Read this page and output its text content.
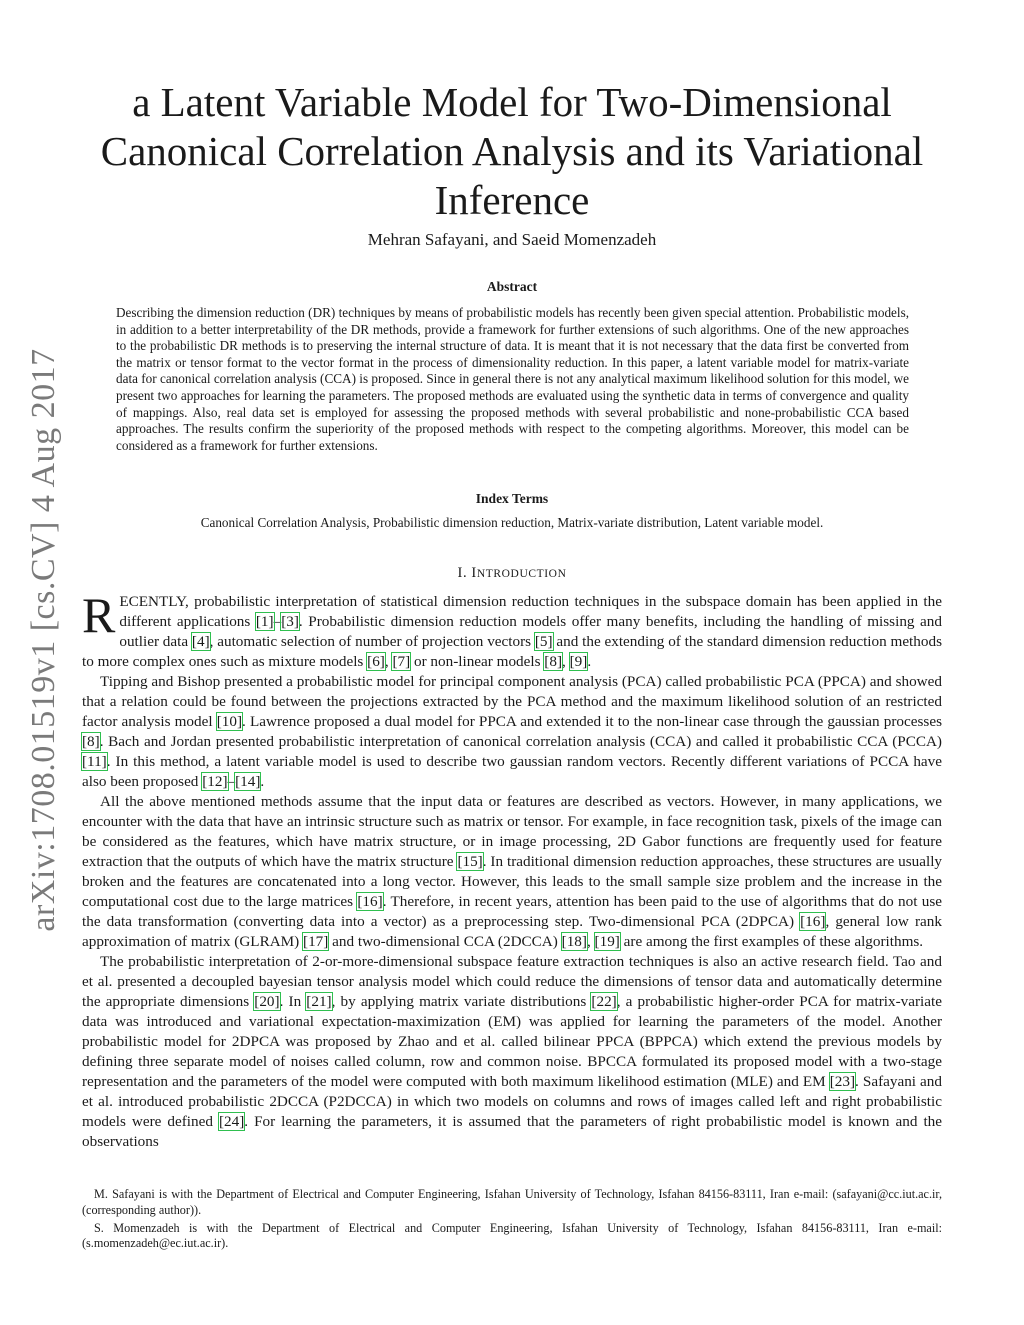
arXiv:1708.01519v1 [cs.CV] 4 Aug 2017
a Latent Variable Model for Two-Dimensional Canonical Correlation Analysis and its Variational Inference
Mehran Safayani, and Saeid Momenzadeh
Abstract

Describing the dimension reduction (DR) techniques by means of probabilistic models has recently been given special attention. Probabilistic models, in addition to a better interpretability of the DR methods, provide a framework for further extensions of such algorithms. One of the new approaches to the probabilistic DR methods is to preserving the internal structure of data. It is meant that it is not necessary that the data first be converted from the matrix or tensor format to the vector format in the process of dimensionality reduction. In this paper, a latent variable model for matrix-variate data for canonical correlation analysis (CCA) is proposed. Since in general there is not any analytical maximum likelihood solution for this model, we present two approaches for learning the parameters. The proposed methods are evaluated using the synthetic data in terms of convergence and quality of mappings. Also, real data set is employed for assessing the proposed methods with several probabilistic and none-probabilistic CCA based approaches. The results confirm the superiority of the proposed methods with respect to the competing algorithms. Moreover, this model can be considered as a framework for further extensions.

Index Terms
Canonical Correlation Analysis, Probabilistic dimension reduction, Matrix-variate distribution, Latent variable model.
I. INTRODUCTION

RECENTLY, probabilistic interpretation of statistical dimension reduction techniques in the subspace domain has been applied in the different applications [1]–[3]. Probabilistic dimension reduction models offer many benefits, including the handling of missing and outlier data [4], automatic selection of number of projection vectors [5] and the extending of the standard dimension reduction methods to more complex ones such as mixture models [6], [7] or non-linear models [8], [9].

Tipping and Bishop presented a probabilistic model for principal component analysis (PCA) called probabilistic PCA (PPCA) and showed that a relation could be found between the projections extracted by the PCA method and the maximum likelihood solution of an restricted factor analysis model [10]. Lawrence proposed a dual model for PPCA and extended it to the non-linear case through the gaussian processes [8]. Bach and Jordan presented probabilistic interpretation of canonical correlation analysis (CCA) and called it probabilistic CCA (PCCA) [11]. In this method, a latent variable model is used to describe two gaussian random vectors. Recently different variations of PCCA have also been proposed [12]–[14].

All the above mentioned methods assume that the input data or features are described as vectors. However, in many applications, we encounter with the data that have an intrinsic structure such as matrix or tensor. For example, in face recognition task, pixels of the image can be considered as the features, which have matrix structure, or in image processing, 2D Gabor functions are frequently used for feature extraction that the outputs of which have the matrix structure [15]. In traditional dimension reduction approaches, these structures are usually broken and the features are concatenated into a long vector. However, this leads to the small sample size problem and the increase in the computational cost due to the large matrices [16]. Therefore, in recent years, attention has been paid to the use of algorithms that do not use the data transformation (converting data into a vector) as a preprocessing step. Two-dimensional PCA (2DPCA) [16], general low rank approximation of matrix (GLRAM) [17] and two-dimensional CCA (2DCCA) [18], [19] are among the first examples of these algorithms.

The probabilistic interpretation of 2-or-more-dimensional subspace feature extraction techniques is also an active research field. Tao and et al. presented a decoupled bayesian tensor analysis model which could reduce the dimensions of tensor data and automatically determine the appropriate dimensions [20]. In [21], by applying matrix variate distributions [22], a probabilistic higher-order PCA for matrix-variate data was introduced and variational expectation-maximization (EM) was applied for learning the parameters of the model. Another probabilistic model for 2DPCA was proposed by Zhao and et al. called bilinear PPCA (BPPCA) which extend the previous models by defining three separate model of noises called column, row and common noise. BPCCA formulated its proposed model with a two-stage representation and the parameters of the model were computed with both maximum likelihood estimation (MLE) and EM [23]. Safayani and et al. introduced probabilistic 2DCCA (P2DCCA) in which two models on columns and rows of images called left and right probabilistic models were defined [24]. For learning the parameters, it is assumed that the parameters of right probabilistic model is known and the observations

M. Safayani is with the Department of Electrical and Computer Engineering, Isfahan University of Technology, Isfahan 84156-83111, Iran e-mail: (safayani@cc.iut.ac.ir, (corresponding author)).

S. Momenzadeh is with the Department of Electrical and Computer Engineering, Isfahan University of Technology, Isfahan 84156-83111, Iran e-mail: (s.momenzadeh@ec.iut.ac.ir).
